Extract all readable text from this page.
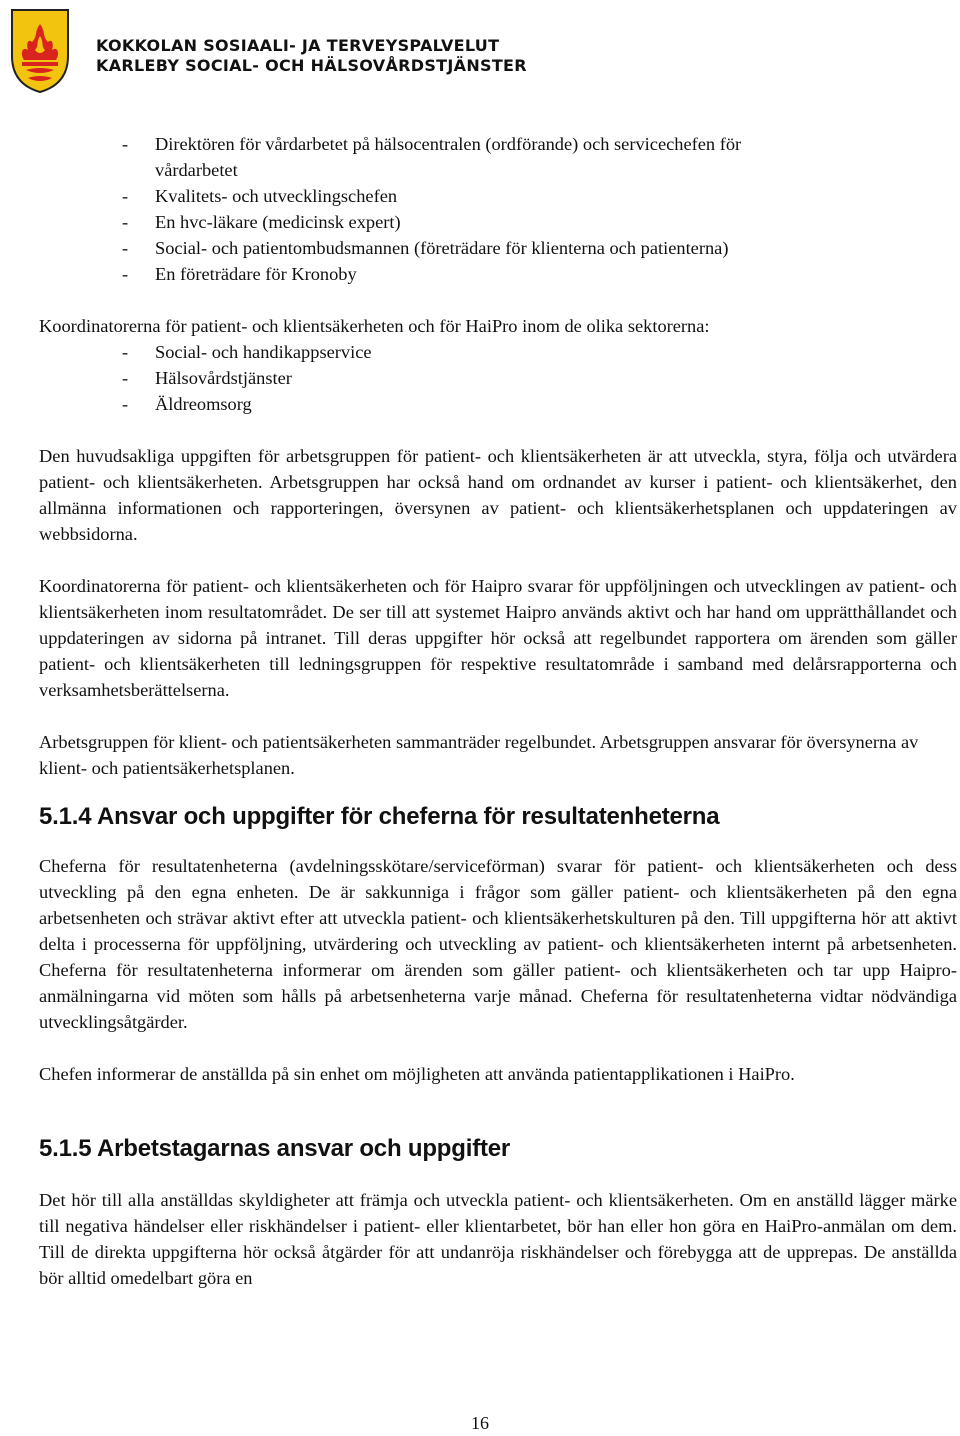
KOKKOLAN SOSIAALI- JA TERVEYSPALVELUT
KARLEBY SOCIAL- OCH HÄLSOVÅRDSTJÄNSTER
- Direktören för vårdarbetet på hälsocentralen (ordförande) och servicechefen för
vårdarbetet
- Kvalitets- och utvecklingschefen
- En hvc-läkare (medicinsk expert)
- Social- och patientombudsmannen (företrädare för klienterna och patienterna)
- En företrädare för Kronoby

Koordinatorerna för patient- och klientsäkerheten och för HaiPro inom de olika sektorerna:

- Social- och handikappservice
- Hälsovårdstjänster
- Äldreomsorg

Den huvudsakliga uppgiften för arbetsgruppen för patient- och klientsäkerheten är att utveckla, styra, följa och utvärdera patient- och klientsäkerheten. Arbetsgruppen har också hand om ordnandet av kurser i patient- och klientsäkerhet, den allmänna informationen och rapporteringen, översynen av patient- och klientsäkerhetsplanen och uppdateringen av webbsidorna.

Koordinatorerna för patient- och klientsäkerheten och för Haipro svarar för uppföljningen och utvecklingen av patient- och klientsäkerheten inom resultatområdet. De ser till att systemet Haipro används aktivt och har hand om upprätthållandet och uppdateringen av sidorna på intranet. Till deras uppgifter hör också att regelbundet rapportera om ärenden som gäller patient- och klientsäkerheten till ledningsgruppen för respektive resultatområde i samband med delårsrapporterna och verksamhetsberättelserna.

Arbetsgruppen för klient- och patientsäkerheten sammanträder regelbundet. Arbetsgruppen ansvarar för översynerna av klient- och patientsäkerhetsplanen.

5.1.4 Ansvar och uppgifter för cheferna för resultatenheterna

Cheferna för resultatenheterna (avdelningsskötare/serviceförman) svarar för patient- och klientsäkerheten och dess utveckling på den egna enheten. De är sakkunniga i frågor som gäller patient- och klientsäkerheten på den egna arbetsenheten och strävar aktivt efter att utveckla patient- och klientsäkerhetskulturen på den. Till uppgifterna hör att aktivt delta i processerna för uppföljning, utvärdering och utveckling av patient- och klientsäkerheten internt på arbetsenheten. Cheferna för resultatenheterna informerar om ärenden som gäller patient- och klientsäkerheten och tar upp Haipro-anmälningarna vid möten som hålls på arbetsenheterna varje månad. Cheferna för resultatenheterna vidtar nödvändiga utvecklingsåtgärder.

Chefen informerar de anställda på sin enhet om möjligheten att använda patientapplikationen i HaiPro.

5.1.5 Arbetstagarnas ansvar och uppgifter

Det hör till alla anställdas skyldigheter att främja och utveckla patient- och klientsäkerheten. Om en anställd lägger märke till negativa händelser eller riskhändelser i patient- eller klientarbetet, bör han eller hon göra en HaiPro-anmälan om dem. Till de direkta uppgifterna hör också åtgärder för att undanröja riskhändelser och förebygga att de upprepas. De anställda bör alltid omedelbart göra en

16
